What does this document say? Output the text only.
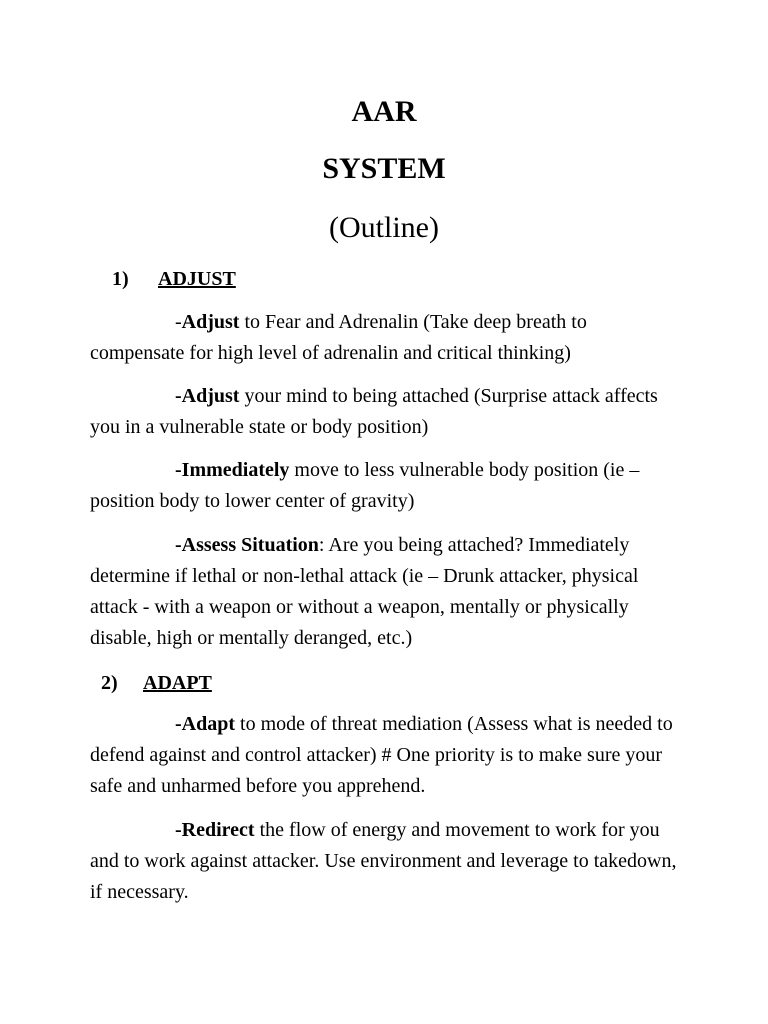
AAR
SYSTEM
(Outline)
1) ADJUST

-Adjust to Fear and Adrenalin (Take deep breath to compensate for high level of adrenalin and critical thinking)

-Adjust your mind to being attached (Surprise attack affects you in a vulnerable state or body position)

-Immediately move to less vulnerable body position (ie – position body to lower center of gravity)

-Assess Situation: Are you being attached? Immediately determine if lethal or non-lethal attack (ie – Drunk attacker, physical attack - with a weapon or without a weapon, mentally or physically disable, high or mentally deranged, etc.)

2) ADAPT

-Adapt to mode of threat mediation (Assess what is needed to defend against and control attacker) # One priority is to make sure your safe and unharmed before you apprehend.

-Redirect the flow of energy and movement to work for you and to work against attacker. Use environment and leverage to takedown, if necessary.
